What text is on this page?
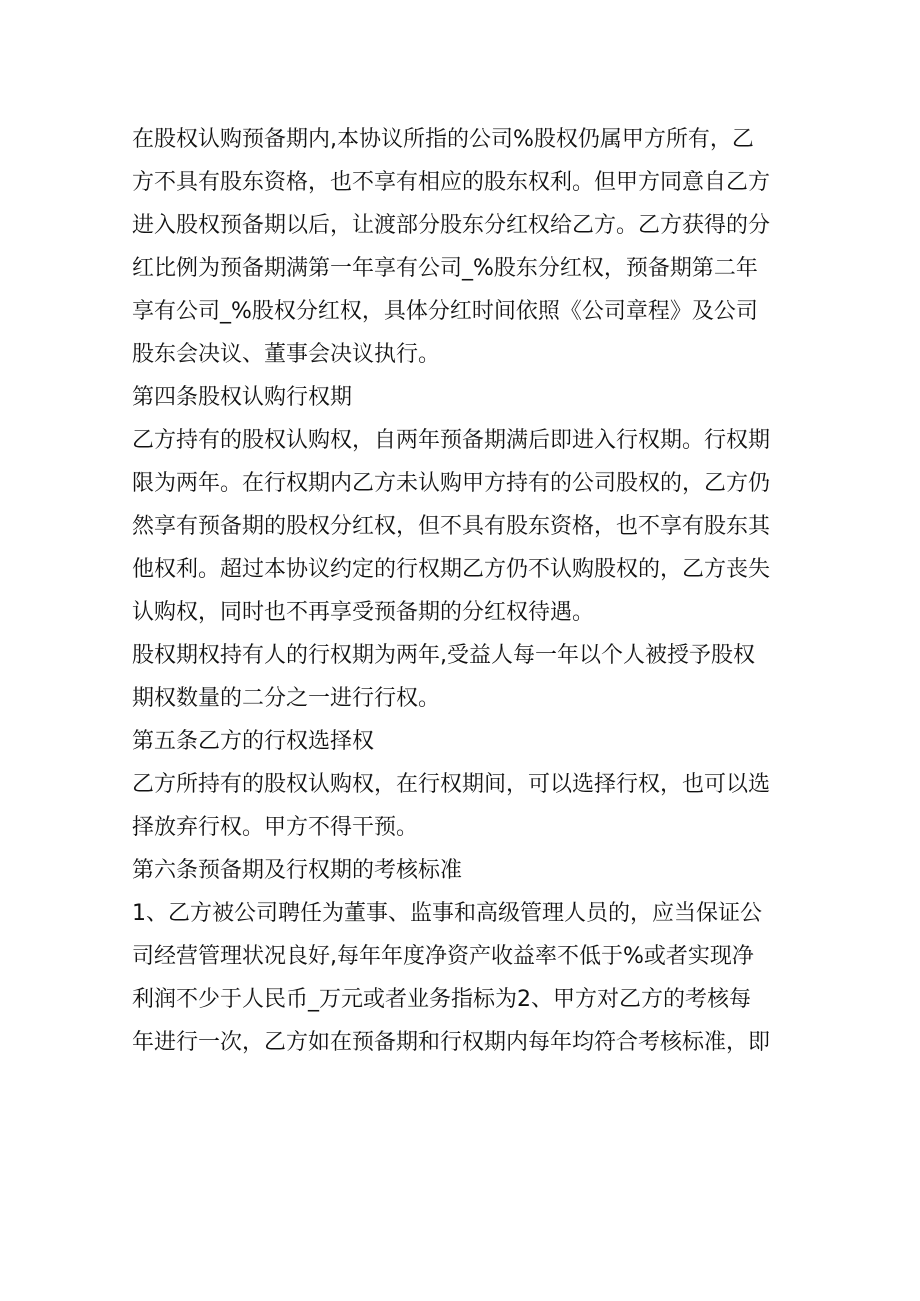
在股权认购预备期内,本协议所指的公司%股权仍属甲方所有，乙
方不具有股东资格，也不享有相应的股东权利。但甲方同意自乙方
进入股权预备期以后，让渡部分股东分红权给乙方。乙方获得的分
红比例为预备期满第一年享有公司_%股东分红权，预备期第二年
享有公司_%股权分红权，具体分红时间依照《公司章程》及公司
股东会决议、董事会决议执行。
第四条股权认购行权期
乙方持有的股权认购权，自两年预备期满后即进入行权期。行权期
限为两年。在行权期内乙方未认购甲方持有的公司股权的，乙方仍
然享有预备期的股权分红权，但不具有股东资格，也不享有股东其
他权利。超过本协议约定的行权期乙方仍不认购股权的，乙方丧失
认购权，同时也不再享受预备期的分红权待遇。
股权期权持有人的行权期为两年,受益人每一年以个人被授予股权
期权数量的二分之一进行行权。
第五条乙方的行权选择权
乙方所持有的股权认购权，在行权期间，可以选择行权，也可以选
择放弃行权。甲方不得干预。
第六条预备期及行权期的考核标准
1、乙方被公司聘任为董事、监事和高级管理人员的，应当保证公
司经营管理状况良好,每年年度净资产收益率不低于%或者实现净
利润不少于人民币_万元或者业务指标为2、甲方对乙方的考核每
年进行一次，乙方如在预备期和行权期内每年均符合考核标准，即
